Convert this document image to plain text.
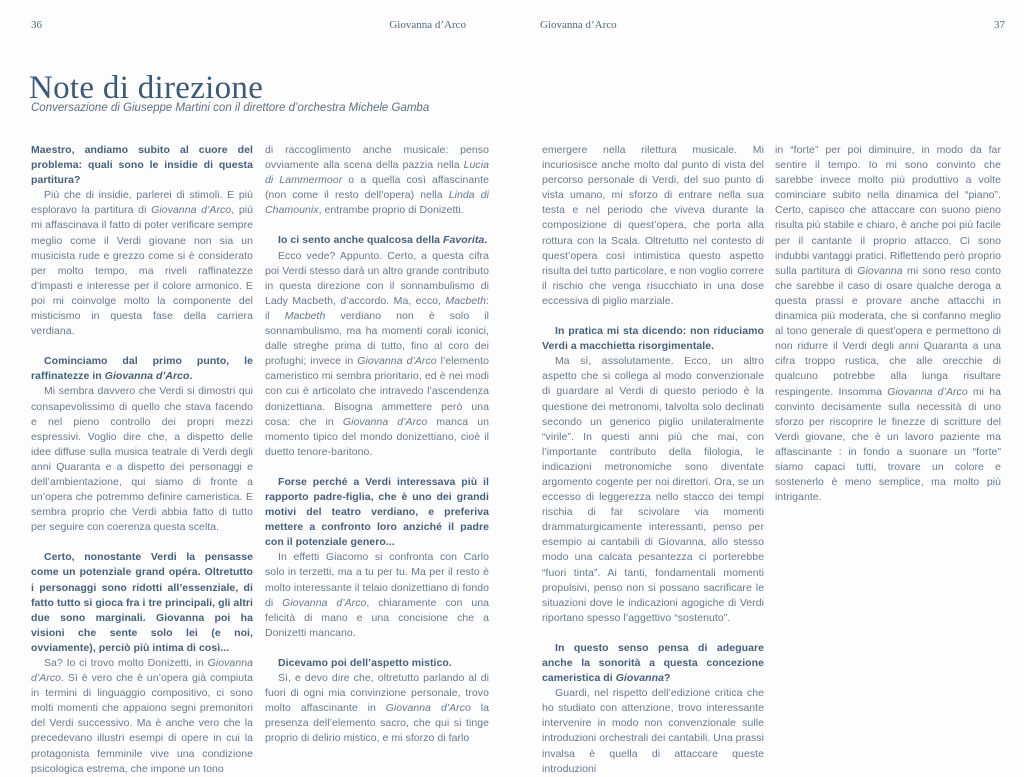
36	Giovanna d’Arco	Giovanna d’Arco	37
Note di direzione
Conversazione di Giuseppe Martini con il direttore d’orchestra Michele Gamba

Maestro, andiamo subito al cuore del problema: quali sono le insidie di questa partitura?

Più che di insidie, parlerei di stimoli. E più esploravo la partitura di Giovanna d’Arco, più mi affascinava il fatto di poter verificare sempre meglio come il Verdi giovane non sia un musicista rude e grezzo come si è considerato per molto tempo, ma riveli raffinatezze d’impasti e interesse per il colore armonico. E poi mi coinvolge molto la componente del misticismo in questa fase della carriera verdiana.

Cominciamo dal primo punto, le raffinatezze in Giovanna d’Arco.

Mi sembra davvero che Verdi si dimostri qui consapevolissimo di quello che stava facendo e nel pieno controllo dei propri mezzi espressivi. Voglio dire che, a dispetto delle idee diffuse sulla musica teatrale di Verdi degli anni Quaranta e a dispetto dei personaggi e dell’ambientazione, qui siamo di fronte a un’opera che potremmo definire cameristica. E sembra proprio che Verdi abbia fatto di tutto per seguire con coerenza questa scelta.

Certo, nonostante Verdi la pensasse come un potenziale grand opéra. Oltretutto i personaggi sono ridotti all’essenziale, di fatto tutto si gioca fra i tre principali, gli altri due sono marginali. Giovanna poi ha visioni che sente solo lei (e noi, ovviamente), perciò più intima di così...

Sa? Io ci trovo molto Donizetti, in Giovanna d’Arco. Sì è vero che è un’opera già compiuta in termini di linguaggio compositivo, ci sono molti momenti che appaiono segni premonitori del Verdi successivo. Ma è anche vero che la precedevano illustri esempi di opere in cui la protagonista femminile vive una condizione psicologica estrema, che impone un tono

di raccoglimento anche musicale: penso ovviamente alla scena della pazzia nella Lucia di Lammermoor o a quella così affascinante (non come il resto dell’opera) nella Linda di Chamounix, entrambe proprio di Donizetti.

Io ci sento anche qualcosa della Favorita.

Ecco vede? Appunto. Certo, a questa cifra poi Verdi stesso darà un altro grande contributo in questa direzione con il sonnambulismo di Lady Macbeth, d’accordo. Ma, ecco, Macbeth: il Macbeth verdiano non è solo il sonnambulismo, ma ha momenti corali iconici, dalle streghe prima di tutto, fino al coro dei profughi; invece in Giovanna d’Arco l’elemento cameristico mi sembra prioritario, ed è nei modi con cui è articolato che intravedo l’ascendenza donizettiana. Bisogna ammettere però una cosa: che in Giovanna d’Arco manca un momento tipico del mondo donizettiano, cioè il duetto tenore-baritono.

Forse perché a Verdi interessava più il rapporto padre-figlia, che è uno dei grandi motivi del teatro verdiano, e preferiva mettere a confronto loro anziché il padre con il potenziale genero...

In effetti Giacomo si confronta con Carlo solo in terzetti, ma a tu per tu. Ma per il resto è molto interessante il telaio donizettiano di fondo di Giovanna d’Arco, chiaramente con una felicità di mano e una concisione che a Donizetti mancano.

Dicevamo poi dell’aspetto mistico.

Sì, e devo dire che, oltretutto parlando al di fuori di ogni mia convinzione personale, trovo molto affascinante in Giovanna d’Arco la presenza dell’elemento sacro, che qui si tinge proprio di delirio mistico, e mi sforzo di farlo

emergere nella rilettura musicale. Mi incuriosisce anche molto dal punto di vista del percorso personale di Verdi, del suo punto di vista umano, mi sforzo di entrare nella sua testa e nel periodo che viveva durante la composizione di quest’opera, che porta alla rottura con la Scala. Oltretutto nel contesto di quest’opera così intimistica questo aspetto risulta del tutto particolare, e non voglio correre il rischio che venga risucchiato in una dose eccessiva di piglio marziale.

In pratica mi sta dicendo: non riduciamo Verdi a macchietta risorgimentale.

Ma sì, assolutamente. Ecco, un altro aspetto che si collega al modo convenzionale di guardare al Verdi di questo periodo è la questione dei metronomi, talvolta solo declinati secondo un generico piglio unilateralmente “virile”. In questi anni più che mai, con l’importante contributo della filologia, le indicazioni metronomiche sono diventate argomento cogente per noi direttori. Ora, se un eccesso di leggerezza nello stacco dei tempi rischia di far scivolare via momenti drammaturgicamente interessanti, penso per esempio ai cantabili di Giovanna, allo stesso modo una calcata pesantezza ci porterebbe “fuori tinta”. Ai tanti, fondamentali momenti propulsivi, penso non si possano sacrificare le situazioni dove le indicazioni agogiche di Verdi riportano spesso l’aggettivo “sostenuto”.

In questo senso pensa di adeguare anche la sonorità a questa concezione cameristica di Giovanna?

Guardi, nel rispetto dell’edizione critica che ho studiato con attenzione, trovo interessante intervenire in modo non convenzionale sulle introduzioni orchestrali dei cantabili. Una prassi invalsa è quella di attaccare queste introduzioni

in “forte” per poi diminuire, in modo da far sentire il tempo. Io mi sono convinto che sarebbe invece molto più produttivo a volte cominciare subito nella dinamica del “piano”. Certo, capisco che attaccare con suono pieno risulta più stabile e chiaro, è anche poi più facile per il cantante il proprio attacco. Ci sono indubbi vantaggi pratici. Riflettendo però proprio sulla partitura di Giovanna mi sono reso conto che sarebbe il caso di osare qualche deroga a questa prassi e provare anche attacchi in dinamica più moderata, che si confanno meglio al tono generale di quest’opera e permettono di non ridurre il Verdi degli anni Quaranta a una cifra troppo rustica, che alle orecchie di qualcuno potrebbe alla lunga risultare respingente. Insomma Giovanna d’Arco mi ha convinto decisamente sulla necessità di uno sforzo per riscoprire le finezze di scritture del Verdi giovane, che è un lavoro paziente ma affascinante : in fondo a suonare un “forte” siamo capaci tutti, trovare un colore e sostenerlo è meno semplice, ma molto più intrigante.
